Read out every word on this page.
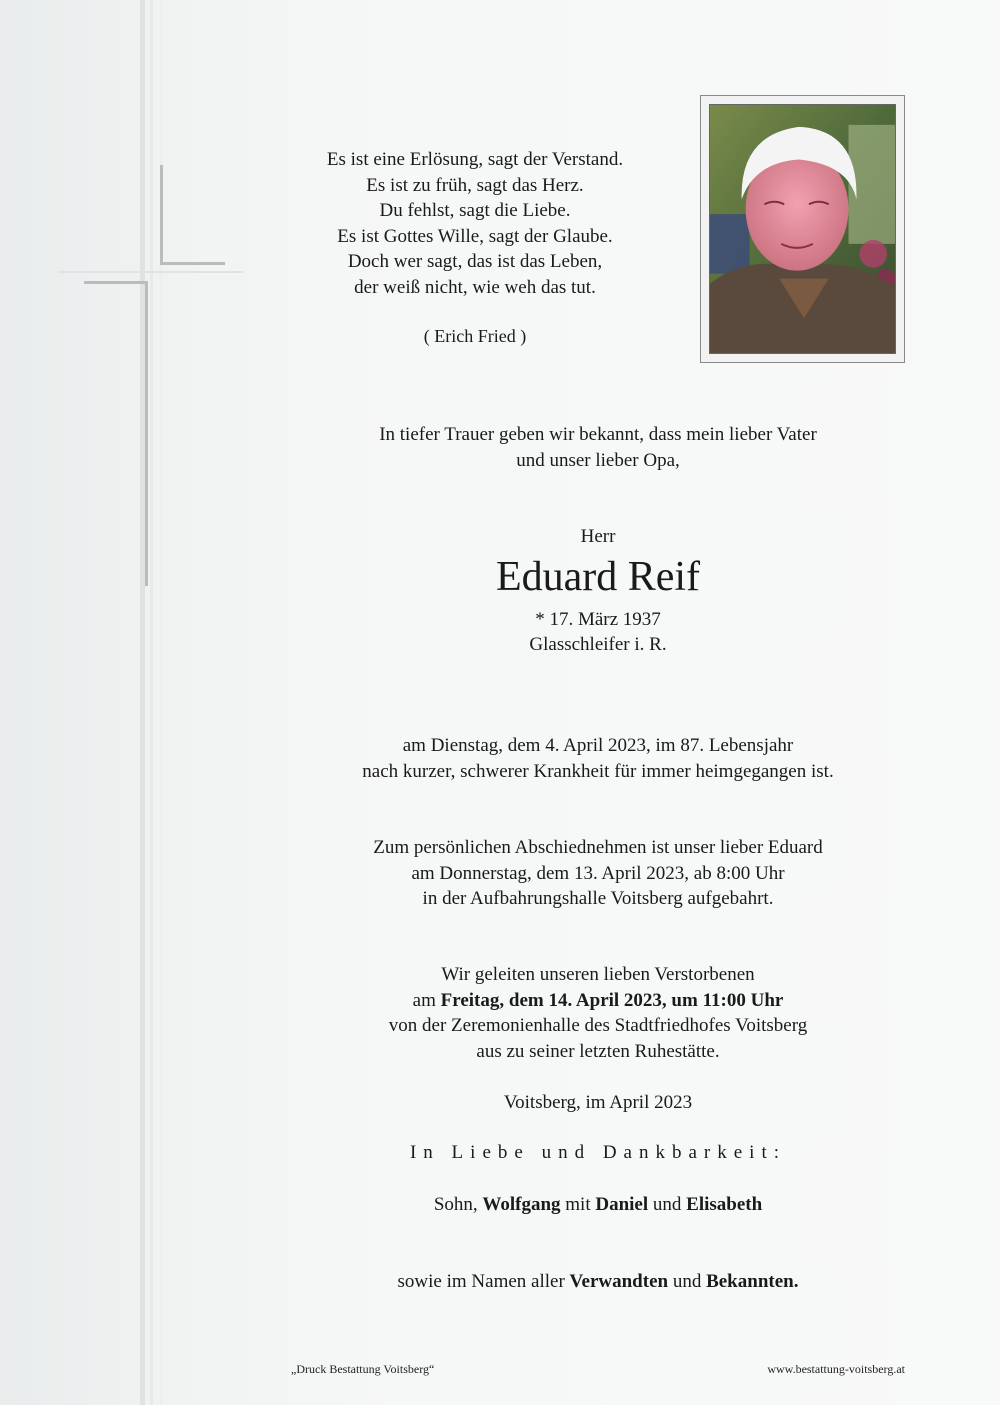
Es ist eine Erlösung, sagt der Verstand.
Es ist zu früh, sagt das Herz.
Du fehlst, sagt die Liebe.
Es ist Gottes Wille, sagt der Glaube.
Doch wer sagt, das ist das Leben,
der weiß nicht, wie weh das tut.
( Erich Fried )
In tiefer Trauer geben wir bekannt, dass mein lieber Vater
und unser lieber Opa,
Herr
Eduard Reif
* 17. März 1937
Glasschleifer i. R.
am Dienstag, dem 4. April 2023, im 87. Lebensjahr
nach kurzer, schwerer Krankheit für immer heimgegangen ist.
Zum persönlichen Abschiednehmen ist unser lieber Eduard
am Donnerstag, dem 13. April 2023, ab 8:00 Uhr
in der Aufbahrungshalle Voitsberg aufgebahrt.
Wir geleiten unseren lieben Verstorbenen
am Freitag, dem 14. April 2023, um 11:00 Uhr
von der Zeremonienhalle des Stadtfriedhofes Voitsberg
aus zu seiner letzten Ruhestätte.
Voitsberg, im April 2023
In Liebe und Dankbarkeit:
Sohn, Wolfgang mit Daniel und Elisabeth
sowie im Namen aller Verwandten und Bekannten.
„Druck Bestattung Voitsberg“	www.bestattung-voitsberg.at
